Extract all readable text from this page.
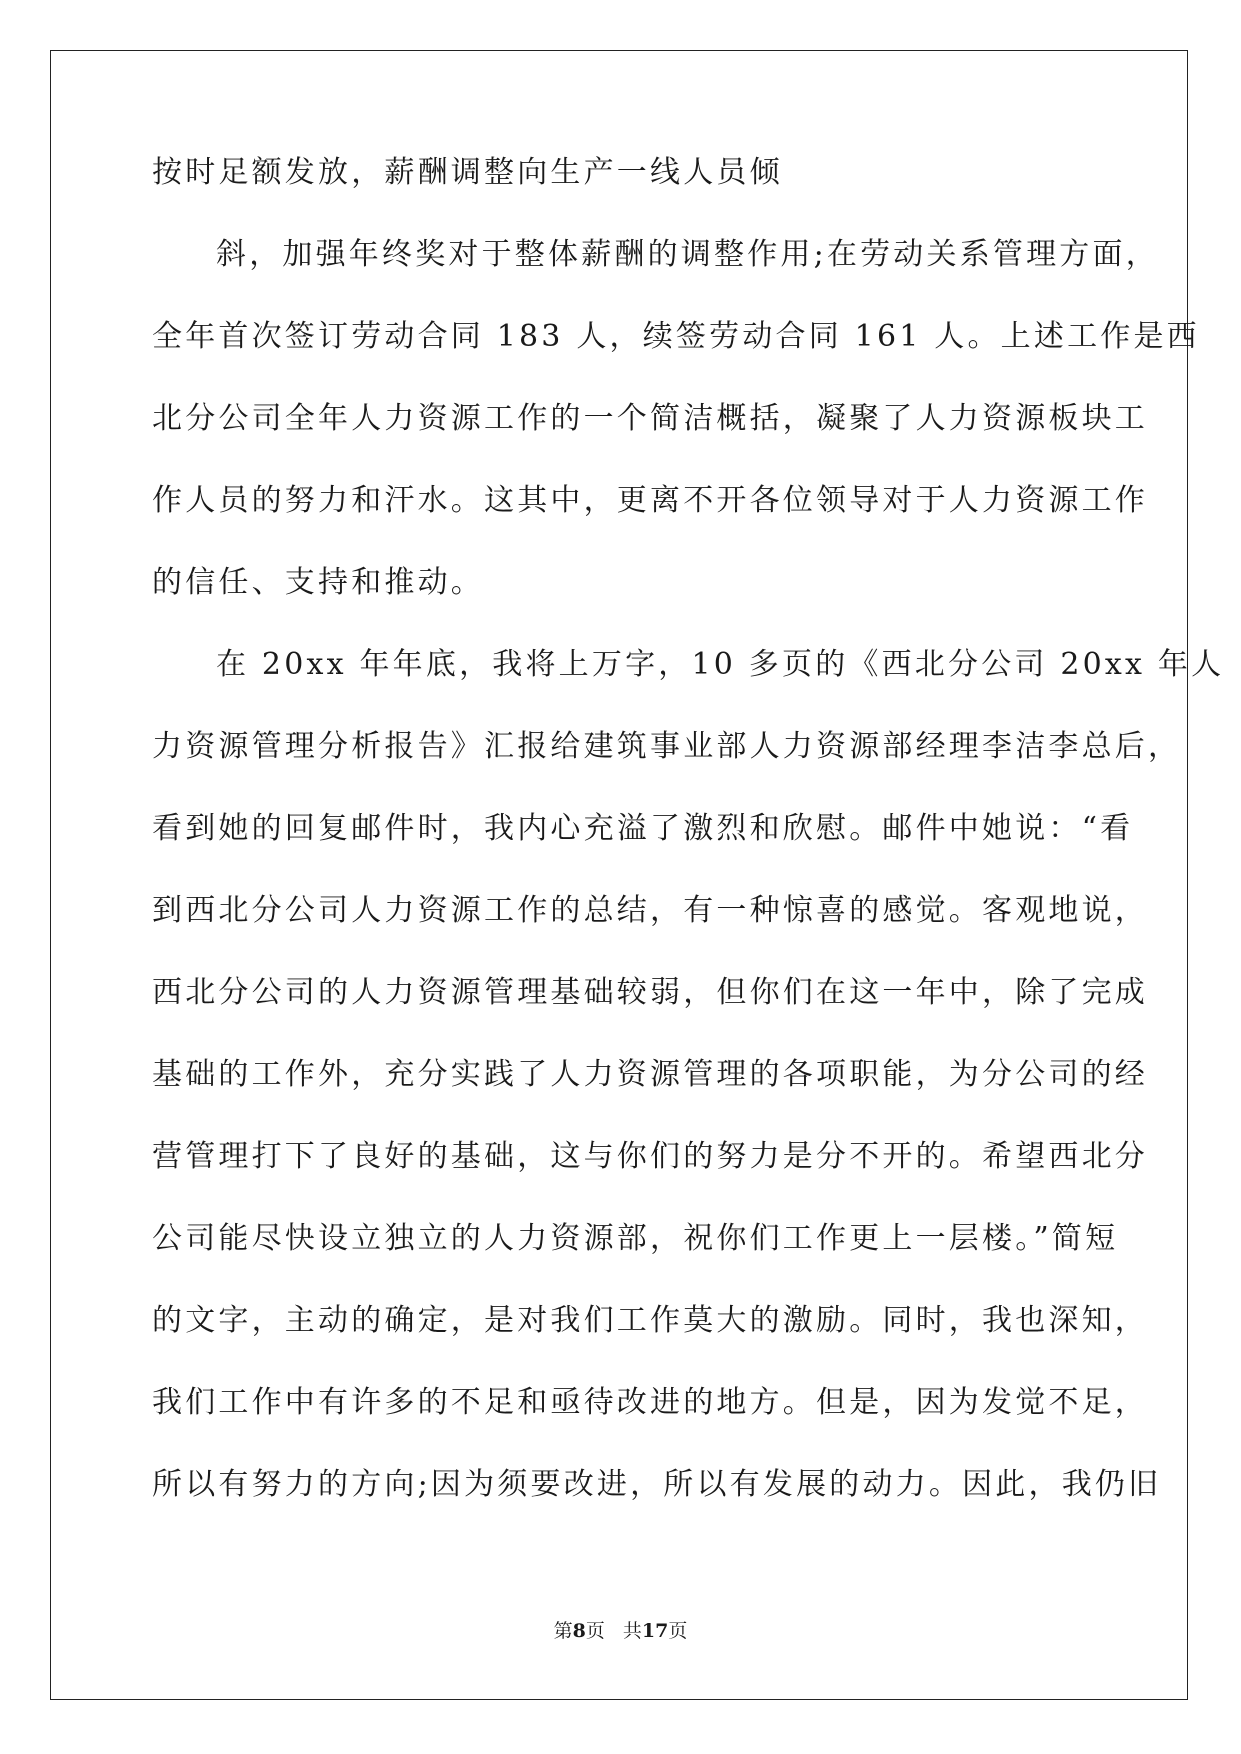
按时足额发放，薪酬调整向生产一线人员倾
斜，加强年终奖对于整体薪酬的调整作用;在劳动关系管理方面，
全年首次签订劳动合同 183 人，续签劳动合同 161 人。上述工作是西
北分公司全年人力资源工作的一个简洁概括，凝聚了人力资源板块工
作人员的努力和汗水。这其中，更离不开各位领导对于人力资源工作
的信任、支持和推动。
在 20xx 年年底，我将上万字，10 多页的《西北分公司 20xx 年人
力资源管理分析报告》汇报给建筑事业部人力资源部经理李洁李总后，
看到她的回复邮件时，我内心充溢了激烈和欣慰。邮件中她说：“看
到西北分公司人力资源工作的总结，有一种惊喜的感觉。客观地说，
西北分公司的人力资源管理基础较弱，但你们在这一年中，除了完成
基础的工作外，充分实践了人力资源管理的各项职能，为分公司的经
营管理打下了良好的基础，这与你们的努力是分不开的。希望西北分
公司能尽快设立独立的人力资源部，祝你们工作更上一层楼。”简短
的文字，主动的确定，是对我们工作莫大的激励。同时，我也深知，
我们工作中有许多的不足和亟待改进的地方。但是，因为发觉不足，
所以有努力的方向;因为须要改进，所以有发展的动力。因此，我仍旧
第8页 共17页
